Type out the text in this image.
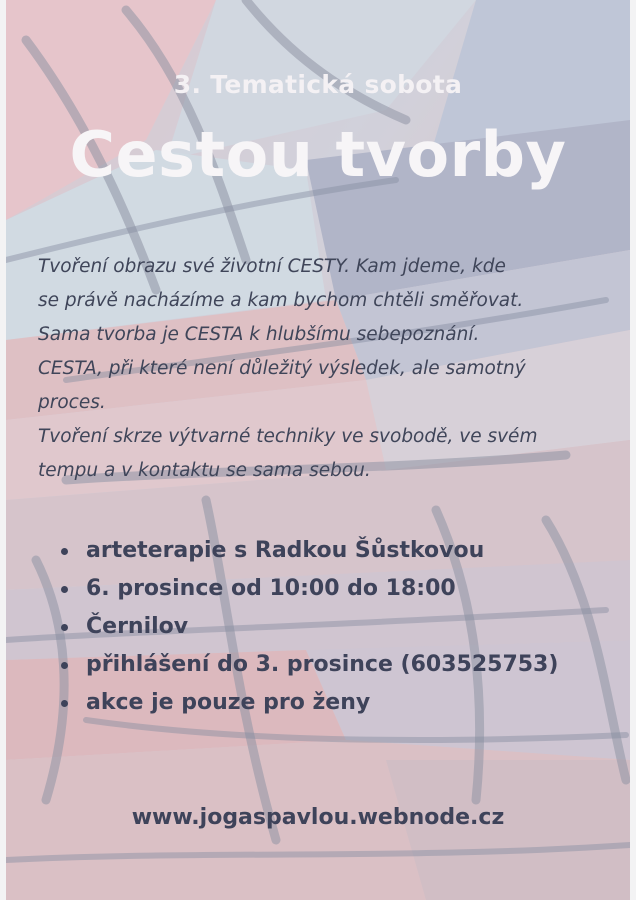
3. Tematická sobota
Cestou tvorby

Tvoření obrazu své životní CESTY. Kam jdeme, kde

se právě nacházíme a kam bychom chtěli směřovat.

Sama tvorba je CESTA k hlubšímu sebepoznání.

CESTA, při které není důležitý výsledek, ale samotný

proces.

Tvoření skrze výtvarné techniky ve svobodě, ve svém

tempu a v kontaktu se sama sebou.

arteterapie s Radkou Šůstkovou
6. prosince od 10:00 do 18:00
Černilov
přihlášení do 3. prosince (603525753)
akce je pouze pro ženy
www.jogaspavlou.webnode.cz
